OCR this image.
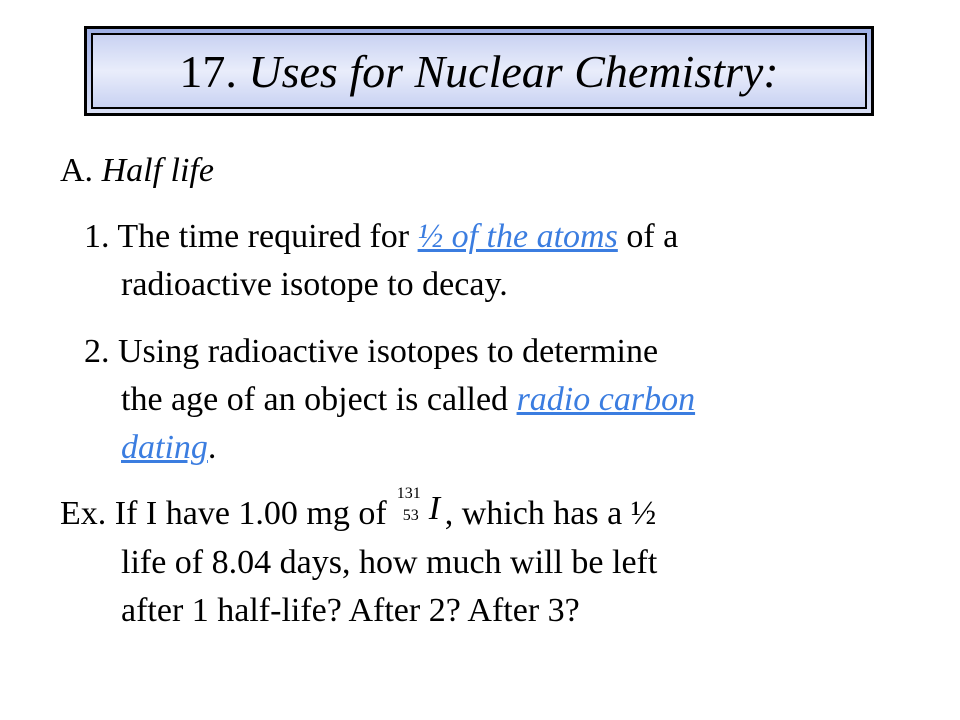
17. Uses for Nuclear Chemistry:
A. Half life
1. The time required for ½ of the atoms of a
radioactive isotope to decay.
2. Using radioactive isotopes to determine
the age of an object is called radio carbon
dating.
Ex. If I have 1.00 mg of
131
53 I , which has a ½
life of 8.04 days, how much will be left
after 1 half-life? After 2? After 3?
